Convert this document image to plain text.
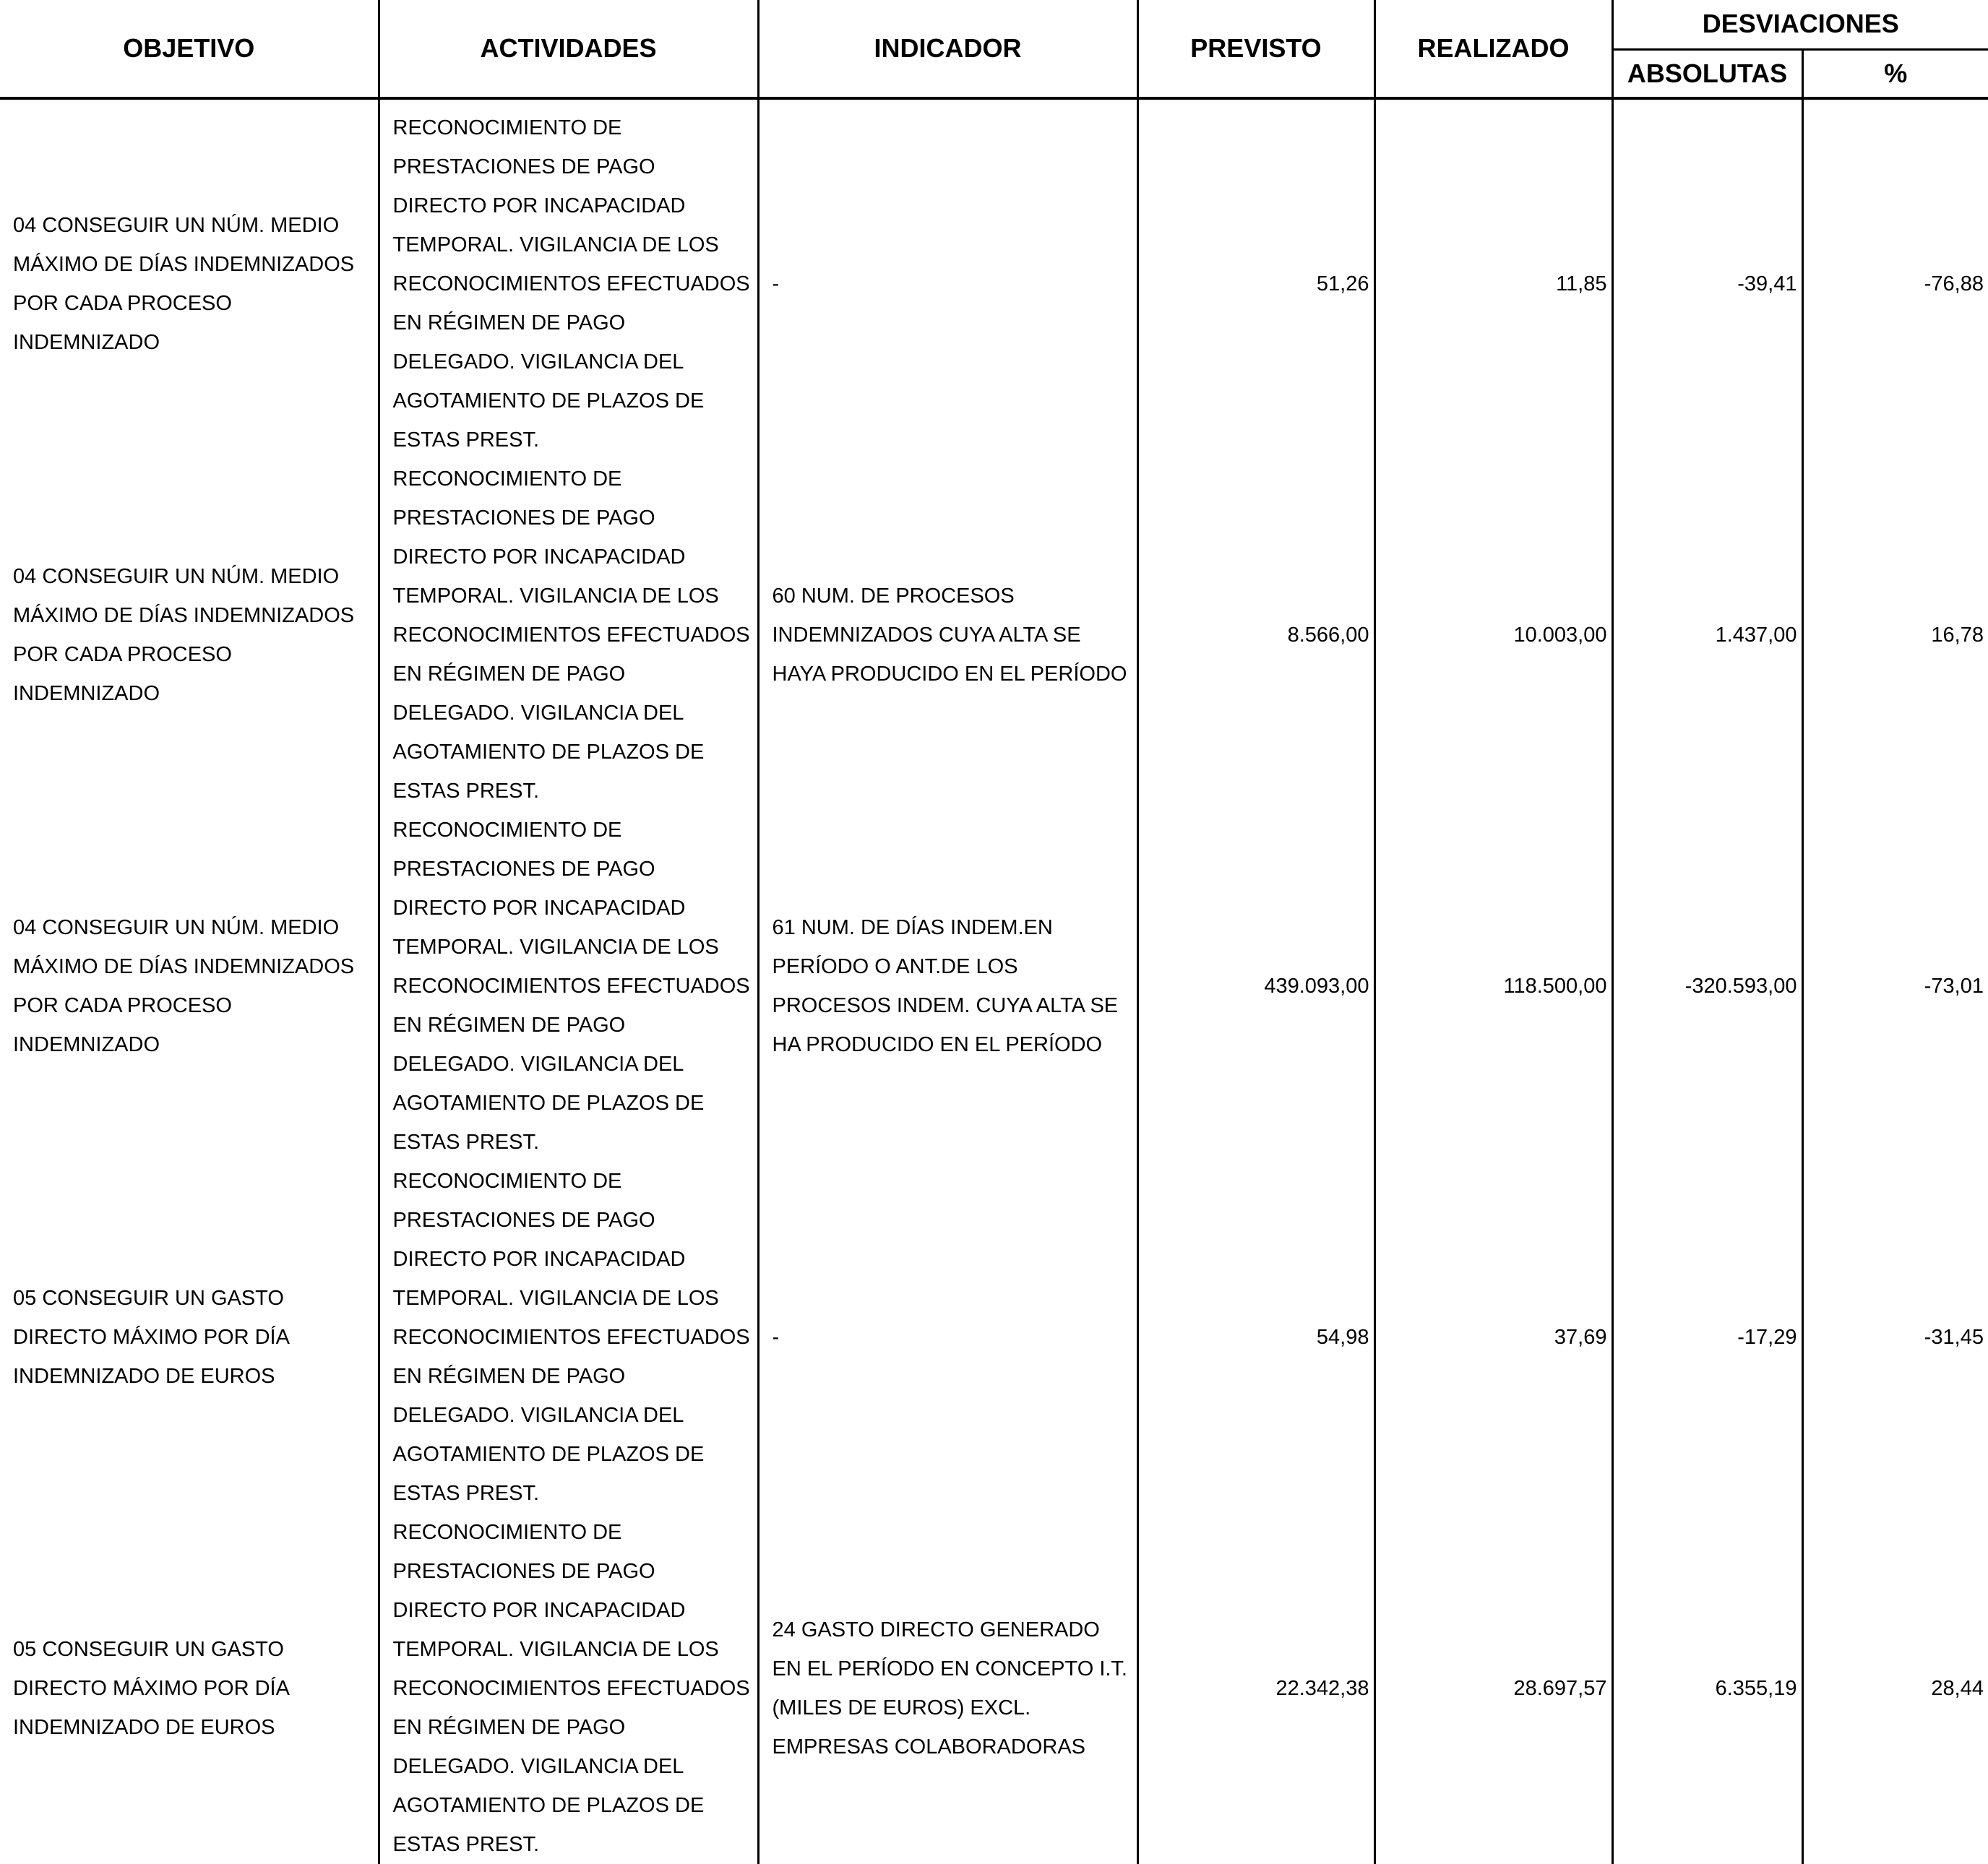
OBJETIVO	ACTIVIDADES	INDICADOR	PREVISTO	REALIZADO	DESVIACIONES	
					ABSOLUTAS	%
04 CONSEGUIR UN NÚM. MEDIO MÁXIMO DE DÍAS INDEMNIZADOS POR CADA PROCESO INDEMNIZADO	RECONOCIMIENTO DE PRESTACIONES DE PAGO DIRECTO POR INCAPACIDAD TEMPORAL. VIGILANCIA DE LOS RECONOCIMIENTOS EFECTUADOS EN RÉGIMEN DE PAGO DELEGADO. VIGILANCIA DEL AGOTAMIENTO DE PLAZOS DE ESTAS PREST.	-	51,26	11,85	-39,41	-76,88
04 CONSEGUIR UN NÚM. MEDIO MÁXIMO DE DÍAS INDEMNIZADOS POR CADA PROCESO INDEMNIZADO	RECONOCIMIENTO DE PRESTACIONES DE PAGO DIRECTO POR INCAPACIDAD TEMPORAL. VIGILANCIA DE LOS RECONOCIMIENTOS EFECTUADOS EN RÉGIMEN DE PAGO DELEGADO. VIGILANCIA DEL AGOTAMIENTO DE PLAZOS DE ESTAS PREST.	60 NUM. DE PROCESOS INDEMNIZADOS CUYA ALTA SE HAYA PRODUCIDO EN EL PERÍODO	8.566,00	10.003,00	1.437,00	16,78
04 CONSEGUIR UN NÚM. MEDIO MÁXIMO DE DÍAS INDEMNIZADOS POR CADA PROCESO INDEMNIZADO	RECONOCIMIENTO DE PRESTACIONES DE PAGO DIRECTO POR INCAPACIDAD TEMPORAL. VIGILANCIA DE LOS RECONOCIMIENTOS EFECTUADOS EN RÉGIMEN DE PAGO DELEGADO. VIGILANCIA DEL AGOTAMIENTO DE PLAZOS DE ESTAS PREST.	61 NUM. DE DÍAS INDEM.EN PERÍODO O ANT.DE LOS PROCESOS INDEM. CUYA ALTA SE HA PRODUCIDO EN EL PERÍODO	439.093,00	118.500,00	-320.593,00	-73,01
05 CONSEGUIR UN GASTO DIRECTO MÁXIMO POR DÍA INDEMNIZADO DE EUROS	RECONOCIMIENTO DE PRESTACIONES DE PAGO DIRECTO POR INCAPACIDAD TEMPORAL. VIGILANCIA DE LOS RECONOCIMIENTOS EFECTUADOS EN RÉGIMEN DE PAGO DELEGADO. VIGILANCIA DEL AGOTAMIENTO DE PLAZOS DE ESTAS PREST.	-	54,98	37,69	-17,29	-31,45
05 CONSEGUIR UN GASTO DIRECTO MÁXIMO POR DÍA INDEMNIZADO DE EUROS	RECONOCIMIENTO DE PRESTACIONES DE PAGO DIRECTO POR INCAPACIDAD TEMPORAL. VIGILANCIA DE LOS RECONOCIMIENTOS EFECTUADOS EN RÉGIMEN DE PAGO DELEGADO. VIGILANCIA DEL AGOTAMIENTO DE PLAZOS DE ESTAS PREST.	24 GASTO DIRECTO GENERADO EN EL PERÍODO EN CONCEPTO I.T.(MILES DE EUROS) EXCL. EMPRESAS COLABORADORAS	22.342,38	28.697,57	6.355,19	28,44
